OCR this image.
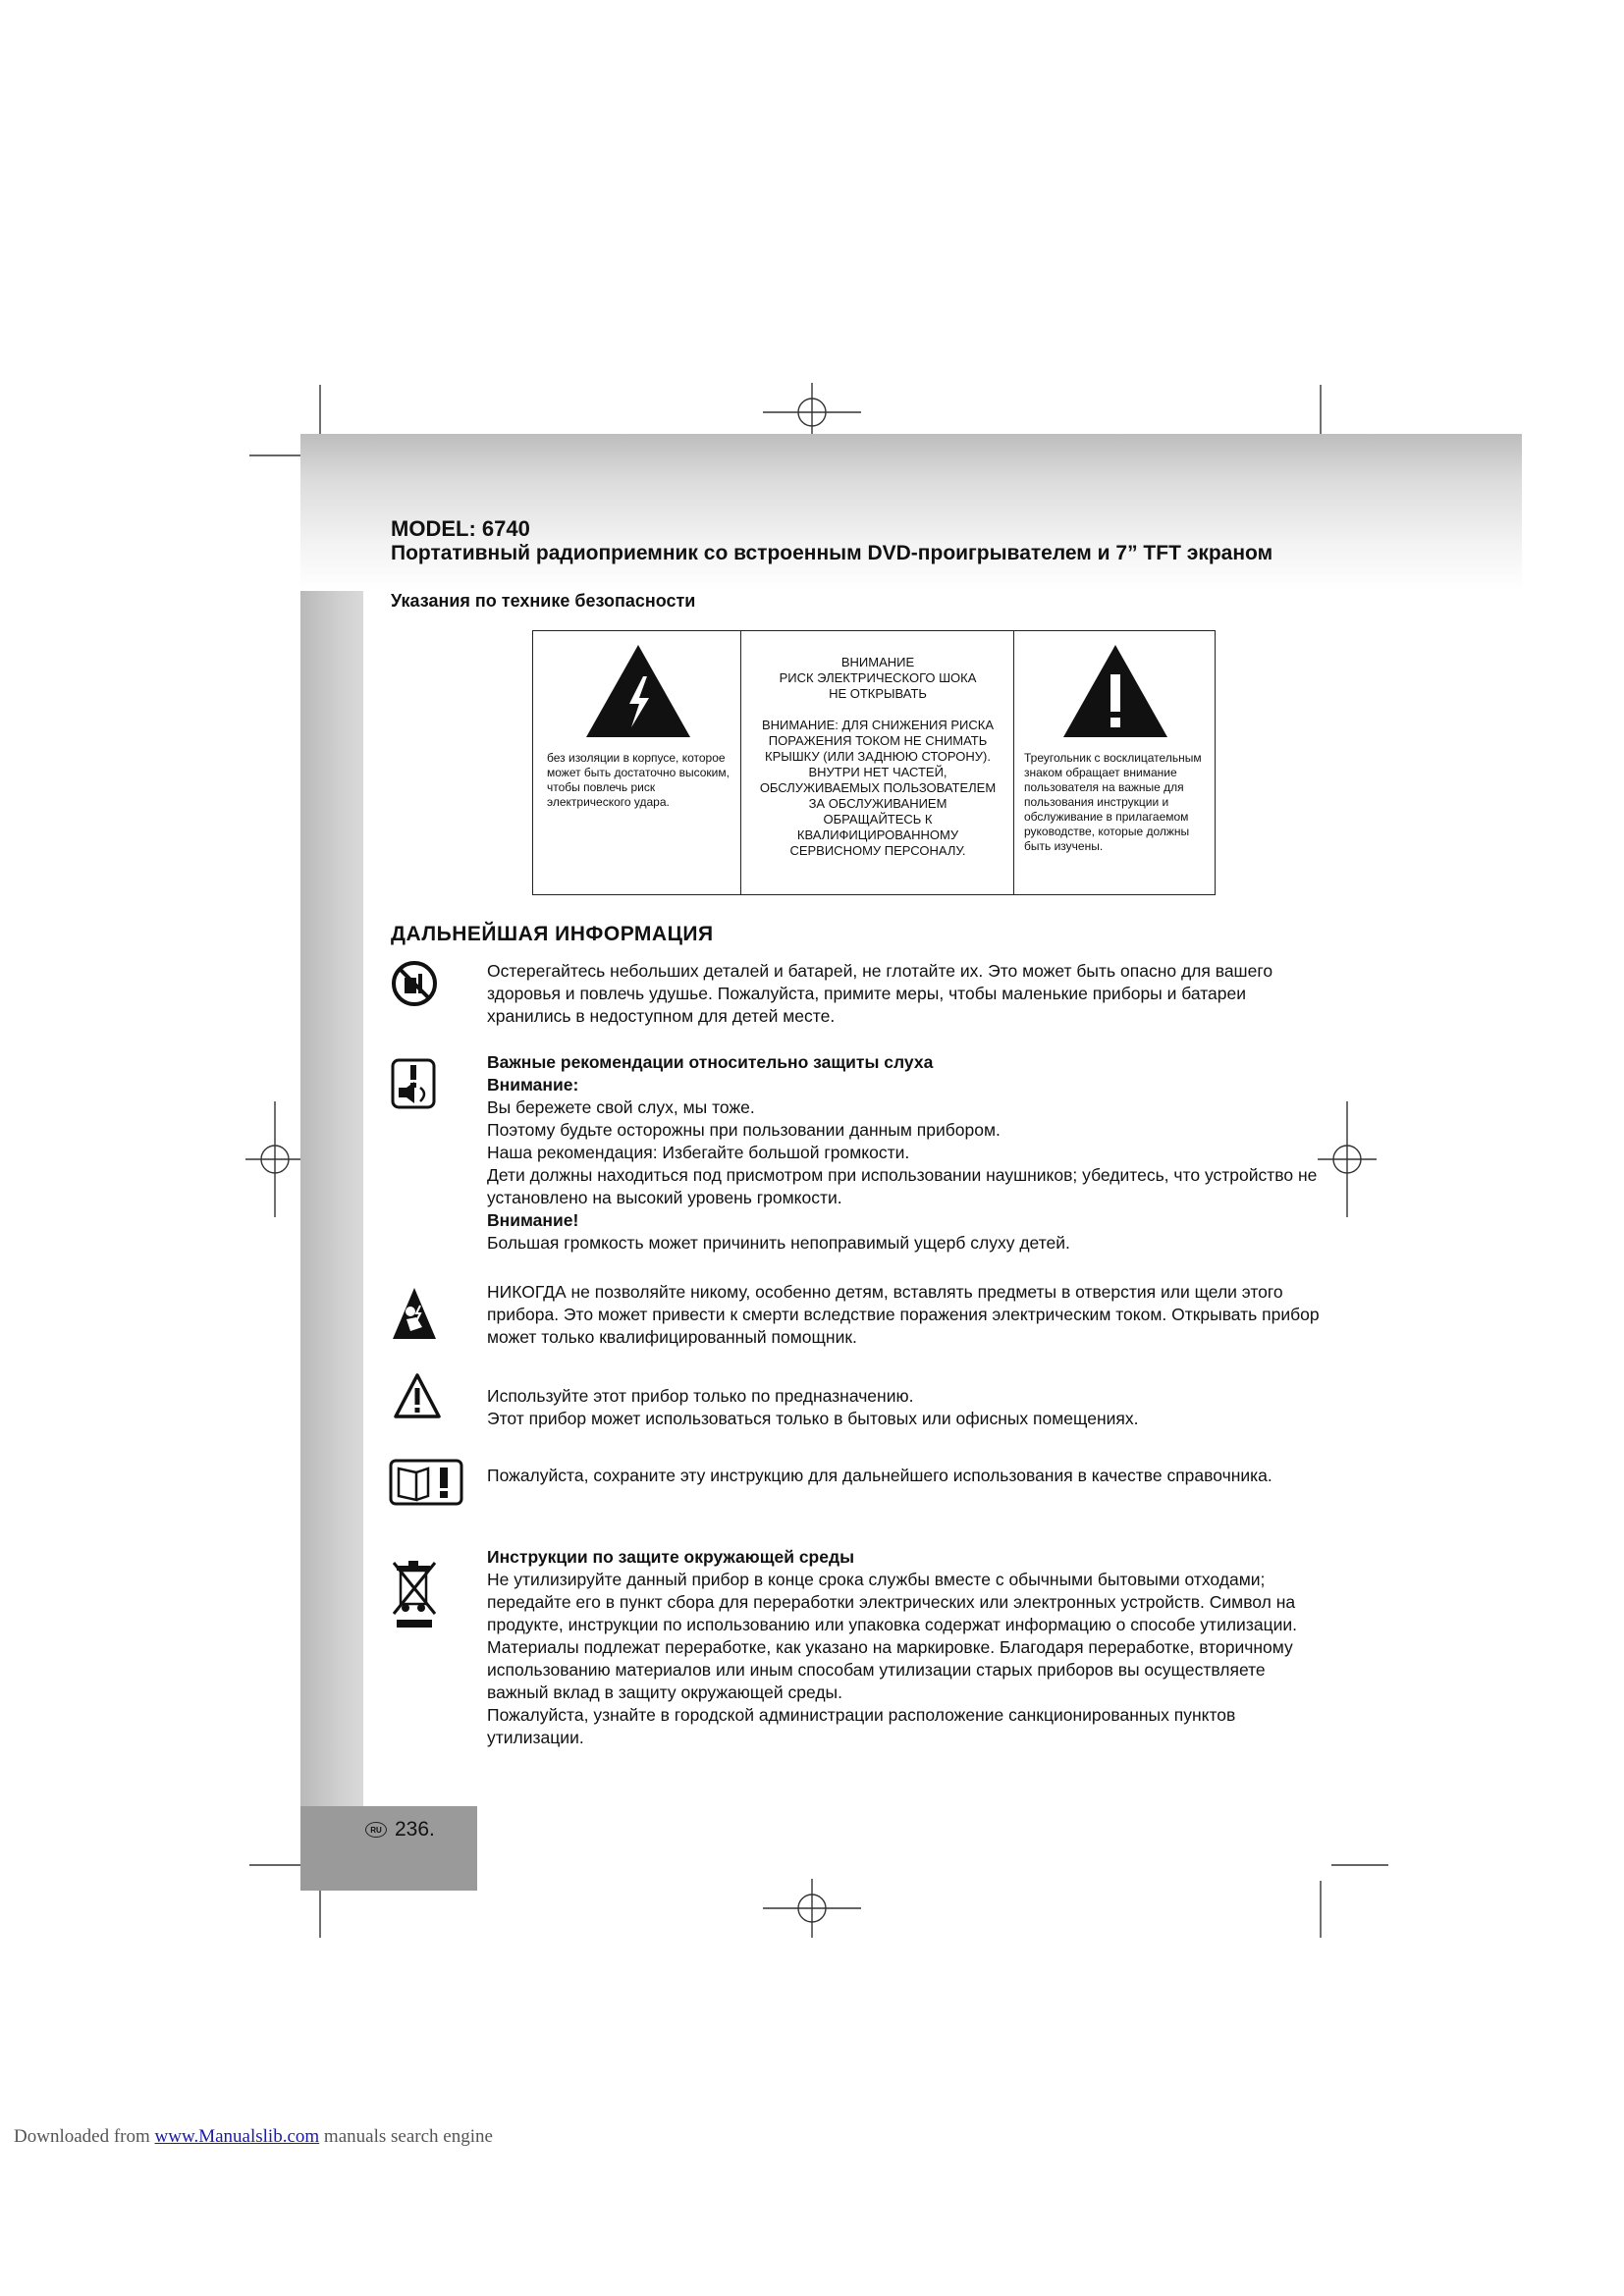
MODEL: 6740
Портативный радиоприемник со встроенным DVD-проигрывателем и 7” TFT экраном
Указания по технике безопасности
без изоляции в корпусе, которое может быть достаточно высоким, чтобы повлечь риск электрического удара.
ВНИМАНИЕ
РИСК ЭЛЕКТРИЧЕСКОГО ШОКА
НЕ ОТКРЫВАТЬ
ВНИМАНИЕ: ДЛЯ СНИЖЕНИЯ РИСКА
ПОРАЖЕНИЯ ТОКОМ НЕ СНИМАТЬ
КРЫШКУ (ИЛИ ЗАДНЮЮ СТОРОНУ).
ВНУТРИ НЕТ ЧАСТЕЙ,
ОБСЛУЖИВАЕМЫХ ПОЛЬЗОВАТЕЛЕМ
ЗА ОБСЛУЖИВАНИЕМ
ОБРАЩАЙТЕСЬ К
КВАЛИФИЦИРОВАННОМУ
СЕРВИСНОМУ ПЕРСОНАЛУ.
Треугольник с восклицательным знаком обращает внимание пользователя на важные для пользования инструкции и обслуживание в прилагаемом руководстве, которые должны быть изучены.
ДАЛЬНЕЙШАЯ ИНФОРМАЦИЯ

Остерегайтесь небольших деталей и батарей, не глотайте их. Это может быть опасно для вашего здоровья и повлечь удушье. Пожалуйста, примите меры, чтобы маленькие приборы и батареи хранились в недоступном для детей месте.

Важные рекомендации относительно защиты слуха

Внимание:

Вы бережете свой слух, мы тоже.

Поэтому будьте осторожны при пользовании данным прибором.

Наша рекомендация: Избегайте большой громкости.

Дети должны находиться под присмотром при использовании наушников; убедитесь, что устройство не установлено на высокий уровень громкости.

Внимание!

Большая громкость может причинить непоправимый ущерб слуху детей.

НИКОГДА не позволяйте никому, особенно детям, вставлять предметы в отверстия или щели этого прибора. Это может привести к смерти вследствие поражения электрическим током. Открывать прибор может только квалифицированный помощник.

Используйте этот прибор только по предназначению.

Этот прибор может использоваться только в бытовых или офисных помещениях.

Пожалуйста, сохраните эту инструкцию для дальнейшего использования в качестве справочника.

Инструкции по защите окружающей среды

Не утилизируйте данный прибор в конце срока службы вместе с обычными бытовыми отходами; передайте его в пункт сбора для переработки электрических или электронных устройств. Символ на продукте, инструкции по использованию или упаковка содержат информацию о способе утилизации.

Материалы подлежат переработке, как указано на маркировке. Благодаря переработке, вторичному использованию материалов или иным способам утилизации старых приборов вы осуществляете важный вклад в защиту окружающей среды.

Пожалуйста, узнайте в городской администрации расположение санкционированных пунктов утилизации.

RU 236.
Downloaded from www.Manualslib.com manuals search engine
